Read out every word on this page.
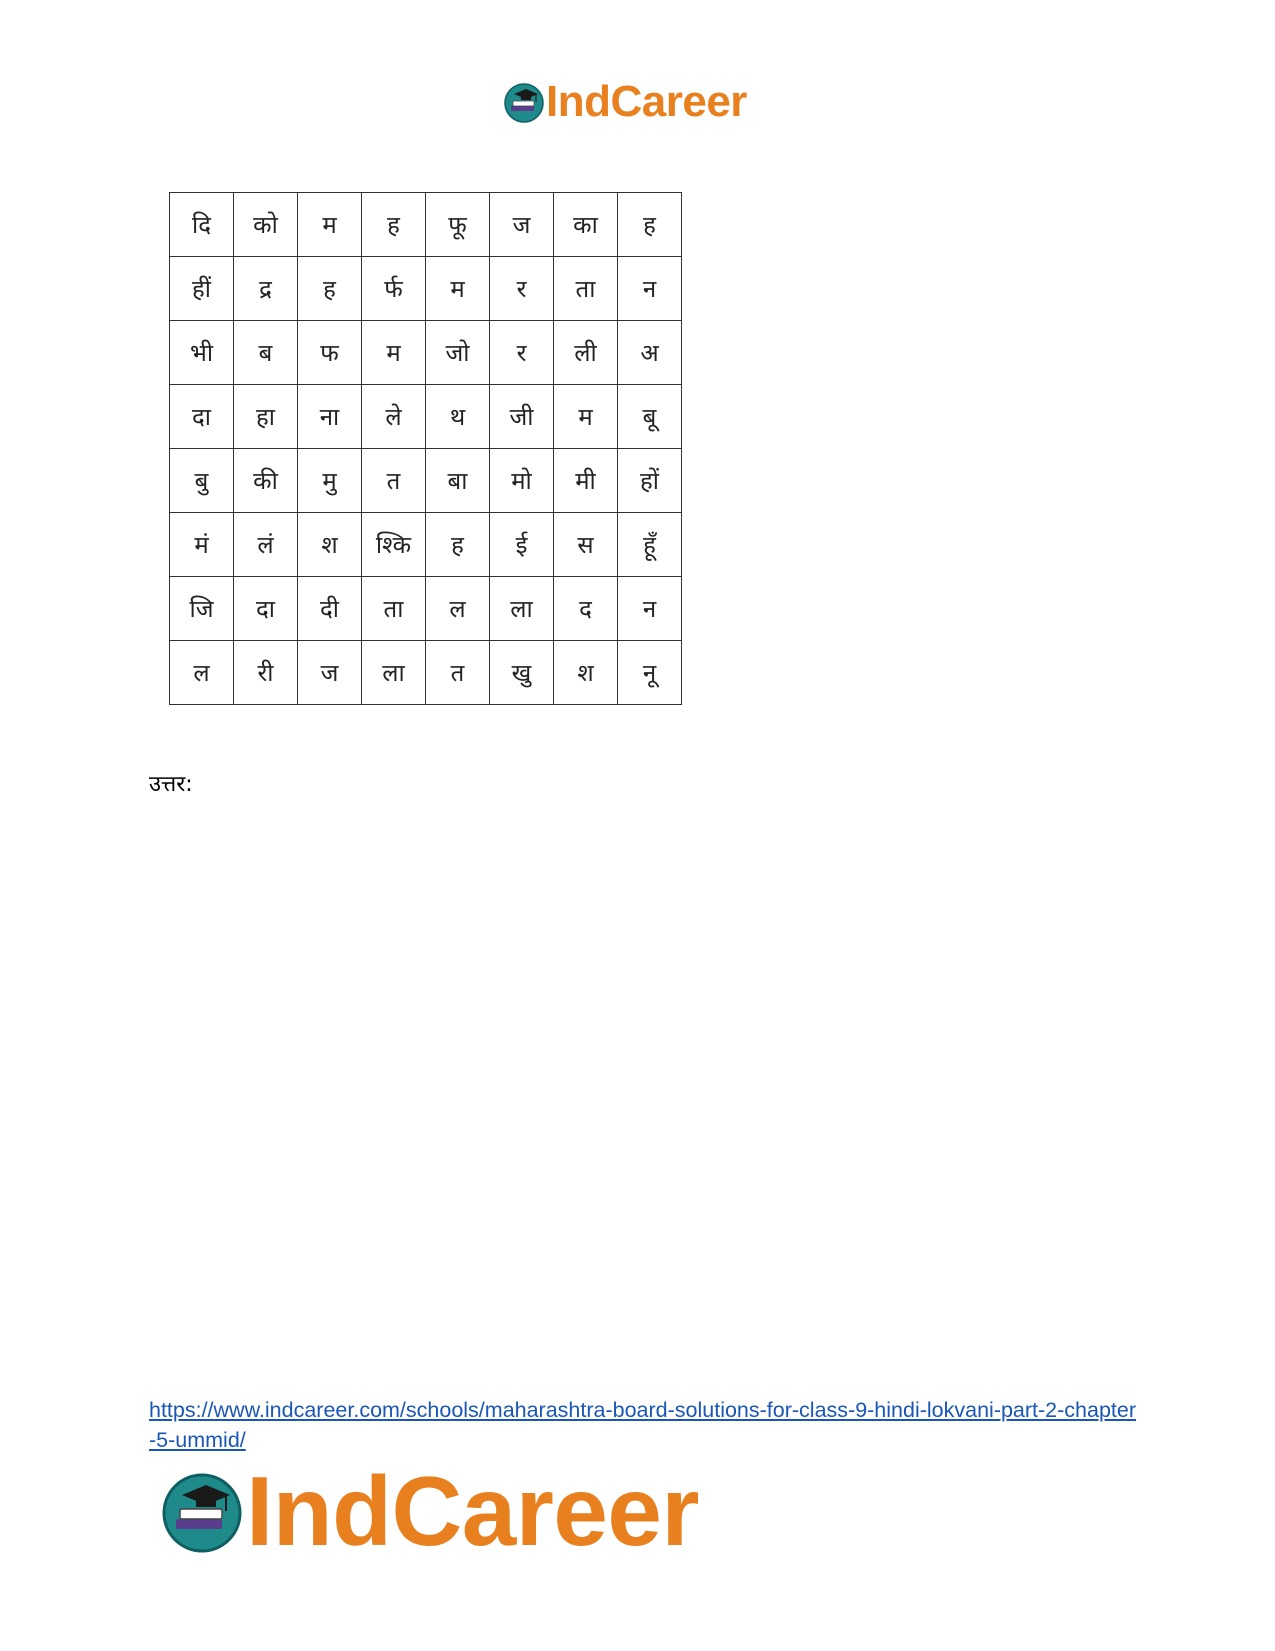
IndCareer
दि	को	म	ह	फू	ज	का	ह
हीं	द्र	ह	र्फ	म	र	ता	न
भी	ब	फ	म	जो	र	ली	अ
दा	हा	ना	ले	थ	जी	म	बू
बु	की	मु	त	बा	मो	मी	हों
मं	लं	श	श्कि	ह	ई	स	हूँ
जि	दा	दी	ता	ल	ला	द	न
ल	री	ज	ला	त	खु	श	नू
उत्तर:
https://www.indcareer.com/schools/maharashtra-board-solutions-for-class-9-hindi-lokvani-part-2-chapter-5-ummid/
IndCareer
